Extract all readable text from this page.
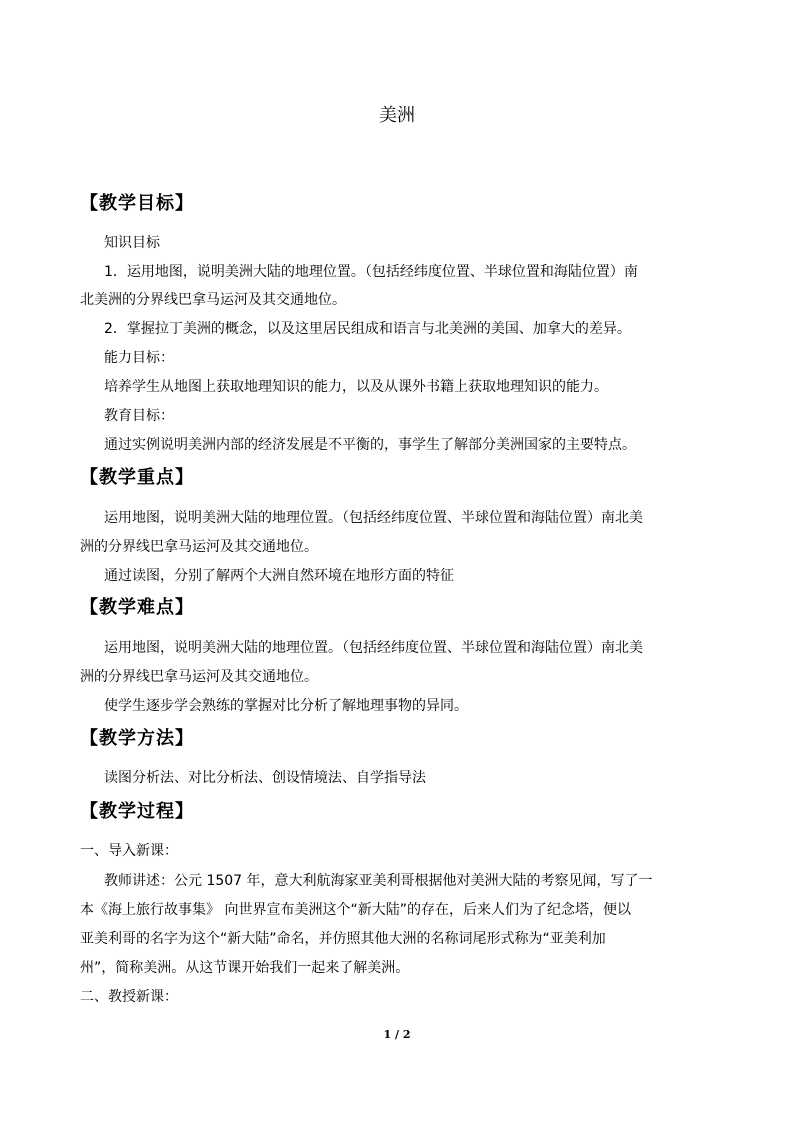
美洲
【教学目标】
知识目标
1．运用地图，说明美洲大陆的地理位置。（包括经纬度位置、半球位置和海陆位置）南
北美洲的分界线巴拿马运河及其交通地位。
2．掌握拉丁美洲的概念，以及这里居民组成和语言与北美洲的美国、加拿大的差异。
能力目标：
培养学生从地图上获取地理知识的能力，以及从课外书籍上获取地理知识的能力。
教育目标：
通过实例说明美洲内部的经济发展是不平衡的，事学生了解部分美洲国家的主要特点。
【教学重点】
运用地图，说明美洲大陆的地理位置。（包括经纬度位置、半球位置和海陆位置）南北美
洲的分界线巴拿马运河及其交通地位。
通过读图，分别了解两个大洲自然环境在地形方面的特征
【教学难点】
运用地图，说明美洲大陆的地理位置。（包括经纬度位置、半球位置和海陆位置）南北美
洲的分界线巴拿马运河及其交通地位。
使学生逐步学会熟练的掌握对比分析了解地理事物的异同。
【教学方法】
读图分析法、对比分析法、创设情境法、自学指导法
【教学过程】
一、导入新课：
教师讲述：公元 1507 年，意大利航海家亚美利哥根据他对美洲大陆的考察见闻，写了一
本《海上旅行故事集》 向世界宣布美洲这个“新大陆”的存在，后来人们为了纪念塔，便以
亚美利哥的名字为这个“新大陆”命名，并仿照其他大洲的名称词尾形式称为“亚美利加
州”，简称美洲。从这节课开始我们一起来了解美洲。
二、教授新课：
1 / 2
